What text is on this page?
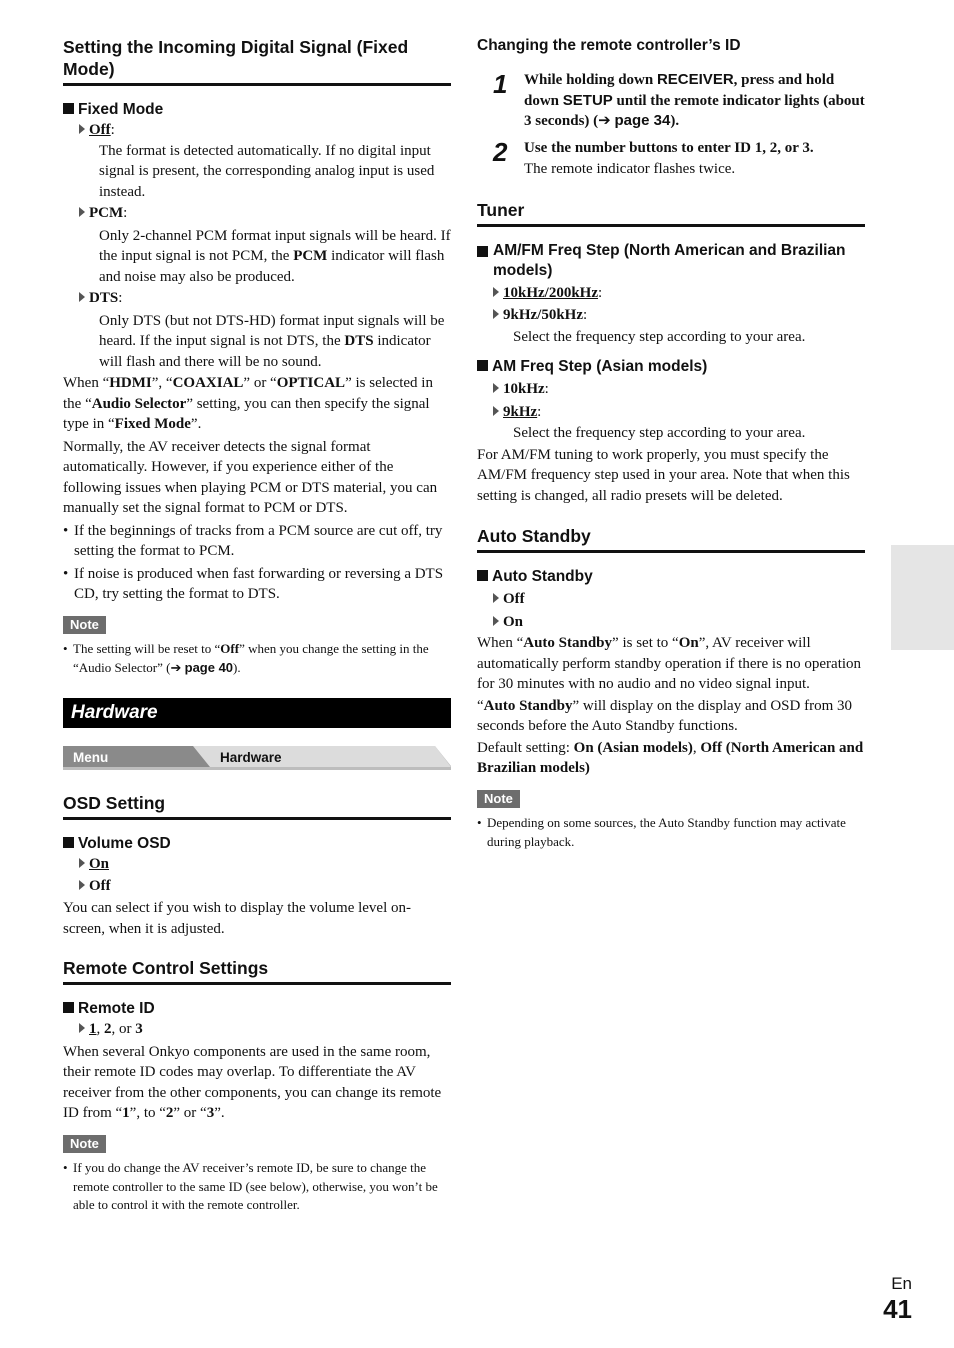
Setting the Incoming Digital Signal (Fixed Mode)
Fixed Mode
Off:

The format is detected automatically. If no digital input signal is present, the corresponding analog input is used instead.

PCM:

Only 2-channel PCM format input signals will be heard. If the input signal is not PCM, the PCM indicator will flash and noise may also be produced.

DTS:

Only DTS (but not DTS-HD) format input signals will be heard. If the input signal is not DTS, the DTS indicator will flash and there will be no sound.

When “HDMI”, “COAXIAL” or “OPTICAL” is selected in the “Audio Selector” setting, you can then specify the signal type in “Fixed Mode”.

Normally, the AV receiver detects the signal format automatically. However, if you experience either of the following issues when playing PCM or DTS material, you can manually set the signal format to PCM or DTS.

• If the beginnings of tracks from a PCM source are cut off, try setting the format to PCM.
• If noise is produced when fast forwarding or reversing a DTS CD, try setting the format to DTS.
Note
• The setting will be reset to “Off” when you change the setting in the “Audio Selector” (➔ page 40).
Hardware
Menu	Hardware
OSD Setting
Volume OSD
On
Off

You can select if you wish to display the volume level on-screen, when it is adjusted.

Remote Control Settings
Remote ID
1, 2, or 3

When several Onkyo components are used in the same room, their remote ID codes may overlap. To differentiate the AV receiver from the other components, you can change its remote ID from “1”, to “2” or “3”.

Note
• If you do change the AV receiver’s remote ID, be sure to change the remote controller to the same ID (see below), otherwise, you won’t be able to control it with the remote controller.
Changing the remote controller’s ID
1	While holding down RECEIVER, press and hold down SETUP until the remote indicator lights (about 3 seconds) (➔ page 34).

2	Use the number buttons to enter ID 1, 2, or 3.

The remote indicator flashes twice.

Tuner
AM/FM Freq Step (North American and Brazilian models)
10kHz/200kHz:
9kHz/50kHz:

Select the frequency step according to your area.

AM Freq Step (Asian models)
10kHz:
9kHz:

Select the frequency step according to your area.

For AM/FM tuning to work properly, you must specify the AM/FM frequency step used in your area. Note that when this setting is changed, all radio presets will be deleted.

Auto Standby
Auto Standby
Off
On

When “Auto Standby” is set to “On”, AV receiver will automatically perform standby operation if there is no operation for 30 minutes with no audio and no video signal input.

“Auto Standby” will display on the display and OSD from 30 seconds before the Auto Standby functions.

Default setting: On (Asian models), Off (North American and Brazilian models)

Note
• Depending on some sources, the Auto Standby function may activate during playback.
En
41
